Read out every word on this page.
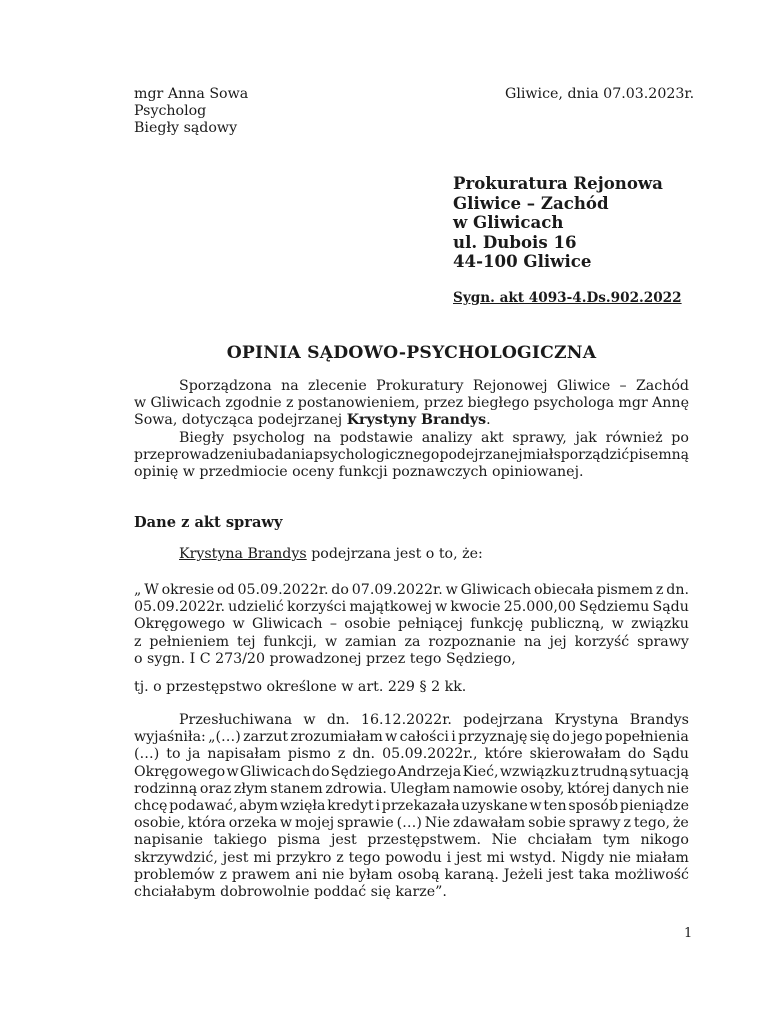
mgr Anna Sowa
Psycholog
Biegły sądowy
Gliwice, dnia 07.03.2023r.
Prokuratura Rejonowa
Gliwice – Zachód
w Gliwicach
ul. Dubois 16
44-100 Gliwice
Sygn. akt 4093-4.Ds.902.2022
OPINIA SĄDOWO-PSYCHOLOGICZNA
Sporządzona na zlecenie Prokuratury Rejonowej Gliwice – Zachód
w Gliwicach zgodnie z postanowieniem, przez biegłego psychologa mgr Annę
Sowa, dotycząca podejrzanej Krystyny Brandys .
Biegły psycholog na podstawie analizy akt sprawy, jak również po
przeprowadzeniu badania psychologicznego podejrzanej miał sporządzić pisemną
opinię w przedmiocie oceny funkcji poznawczych opiniowanej.
Dane z akt sprawy
Krystyna Brandys podejrzana jest o to, że:
„ W okresie od 05.09.2022r. do 07.09.2022r. w Gliwicach obiecała pismem z dn.
05.09.2022r. udzielić korzyści majątkowej w kwocie 25.000,00 Sędziemu Sądu
Okręgowego w Gliwicach – osobie pełniącej funkcję publiczną, w związku
z pełnieniem tej funkcji, w zamian za rozpoznanie na jej korzyść sprawy
o sygn. I C 273/20 prowadzonej przez tego Sędziego,
tj. o przestępstwo określone w art. 229 § 2 kk.
Przesłuchiwana w dn. 16.12.2022r. podejrzana Krystyna Brandys
wyjaśniła: „(…) zarzut zrozumiałam w całości i przyznaję się do jego popełnienia
(…) to ja napisałam pismo z dn. 05.09.2022r., które skierowałam do Sądu
Okręgowego w Gliwicach do Sędziego Andrzeja Kieć, wzwiązku z trudną sytuacją
rodzinną oraz złym stanem zdrowia. Uległam namowie osoby, której danych nie
chcę podawać, abym wzięła kredyt i przekazała uzyskane w ten sposób pieniądze
osobie, która orzeka w mojej sprawie (…) Nie zdawałam sobie sprawy z tego, że
napisanie takiego pisma jest przestępstwem. Nie chciałam tym nikogo
skrzywdzić, jest mi przykro z tego powodu i jest mi wstyd. Nigdy nie miałam
problemów z prawem ani nie byłam osobą karaną. Jeżeli jest taka możliwość
chciałabym dobrowolnie poddać się karze”.
1
